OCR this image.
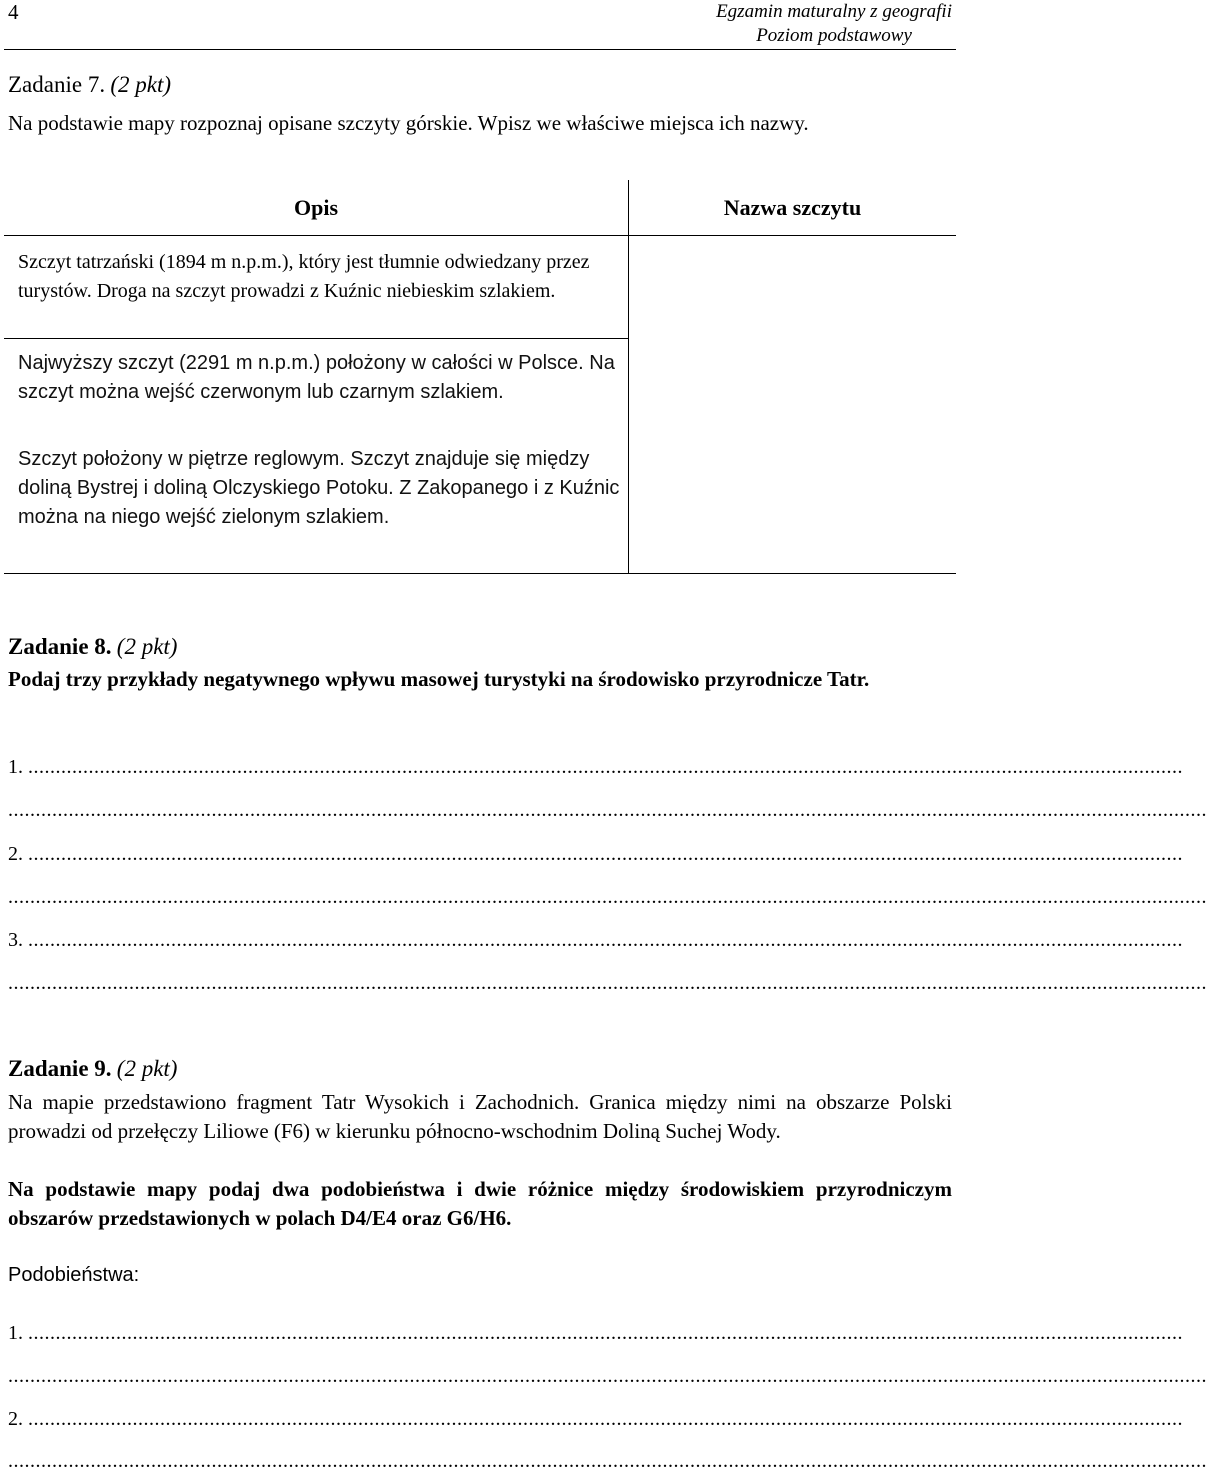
4	Egzamin maturalny z geografii
Poziom podstawowy
Zadanie 7. (2 pkt)
Na podstawie mapy rozpoznaj opisane szczyty górskie. Wpisz we właściwe miejsca ich nazwy.
Opis	Nazwa szczytu

Szczyt tatrzański (1894 m n.p.m.), który jest tłumnie odwiedzany przez turystów. Droga na szczyt prowadzi z Kuźnic niebieskim szlakiem.	

Najwyższy szczyt (2291 m n.p.m.) położony w całości w Polsce. Na szczyt można wejść czerwonym lub czarnym szlakiem.	

Szczyt położony w piętrze reglowym. Szczyt znajduje się między doliną Bystrej i doliną Olczyskiego Potoku. Z Zakopanego i z Kuźnic można na niego wejść zielonym szlakiem.	
Zadanie 8. (2 pkt)
Podaj trzy przykłady negatywnego wpływu masowej turystyki na środowisko przyrodnicze Tatr.
1. ..................................................................................................................................................................................................................
..........................................................................................................................................................................................................................
2. ..................................................................................................................................................................................................................
..........................................................................................................................................................................................................................
3. ..................................................................................................................................................................................................................
..........................................................................................................................................................................................................................
Zadanie 9. (2 pkt)
Na mapie przedstawiono fragment Tatr Wysokich i Zachodnich. Granica między nimi na obszarze Polski prowadzi od przełęczy Liliowe (F6) w kierunku północno-wschodnim Doliną Suchej Wody.
Na podstawie mapy podaj dwa podobieństwa i dwie różnice między środowiskiem przyrodniczym obszarów przedstawionych w polach D4/E4 oraz G6/H6.
Podobieństwa:
1. ..................................................................................................................................................................................................................
..........................................................................................................................................................................................................................
2. ..................................................................................................................................................................................................................
..........................................................................................................................................................................................................................
